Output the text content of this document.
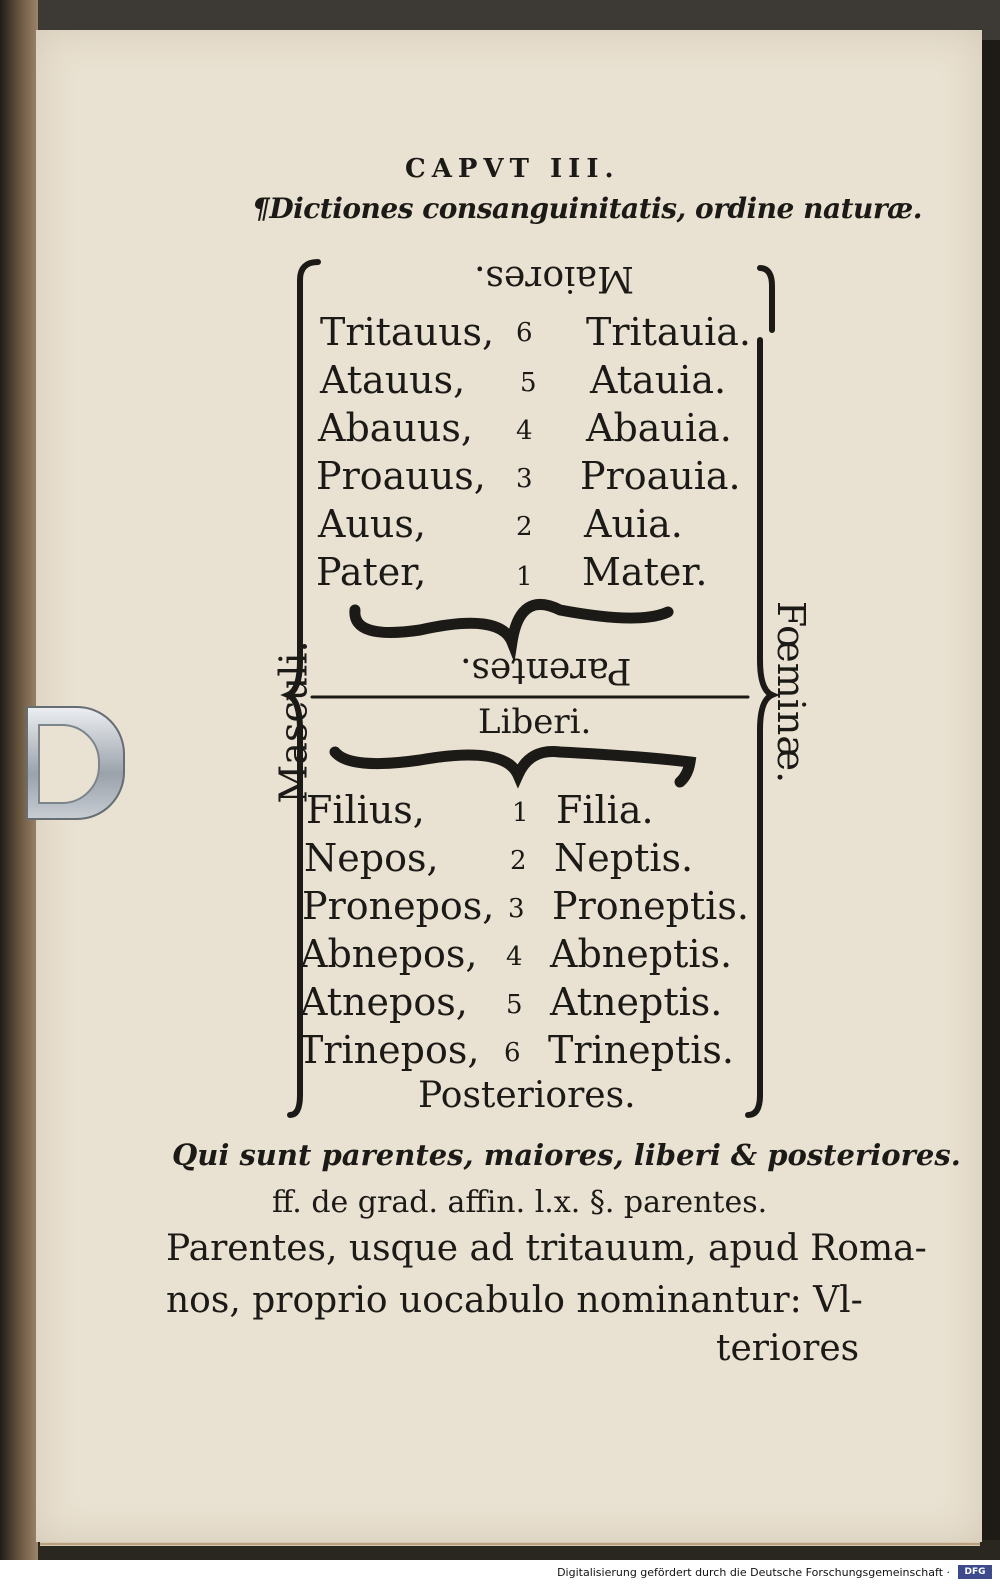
CAPVT III.
¶Dictiones consanguinitatis, ordine naturæ.
Maiores.
Tritauus, 6 Tritauia.
Atauus, 5 Atauia.
Abauus, 4 Abauia.
Proauus, 3 Proauia.
Auus,	2 Auia.
Pater,	1 Mater.
Parentes.
Liberi.
Filius,	1 Filia.
Nepos,	2 Neptis.
Pronepos, 3 Proneptis.
Abnepos, 4 Abneptis.
Atnepos, 5 Atneptis.
Trinepos, 6 Trineptis.
Posteriores.
Masculi.	Fœminæ.
Qui sunt parentes, maiores, liberi & posteriores.
ff. de grad. affin. l.x. §. parentes.
Parentes, usque ad tritauum, apud Roma-
nos, proprio uocabulo nominantur: Vl-
teriores
Digitalisierung gefördert durch die Deutsche Forschungsgemeinschaft ·	DFG
